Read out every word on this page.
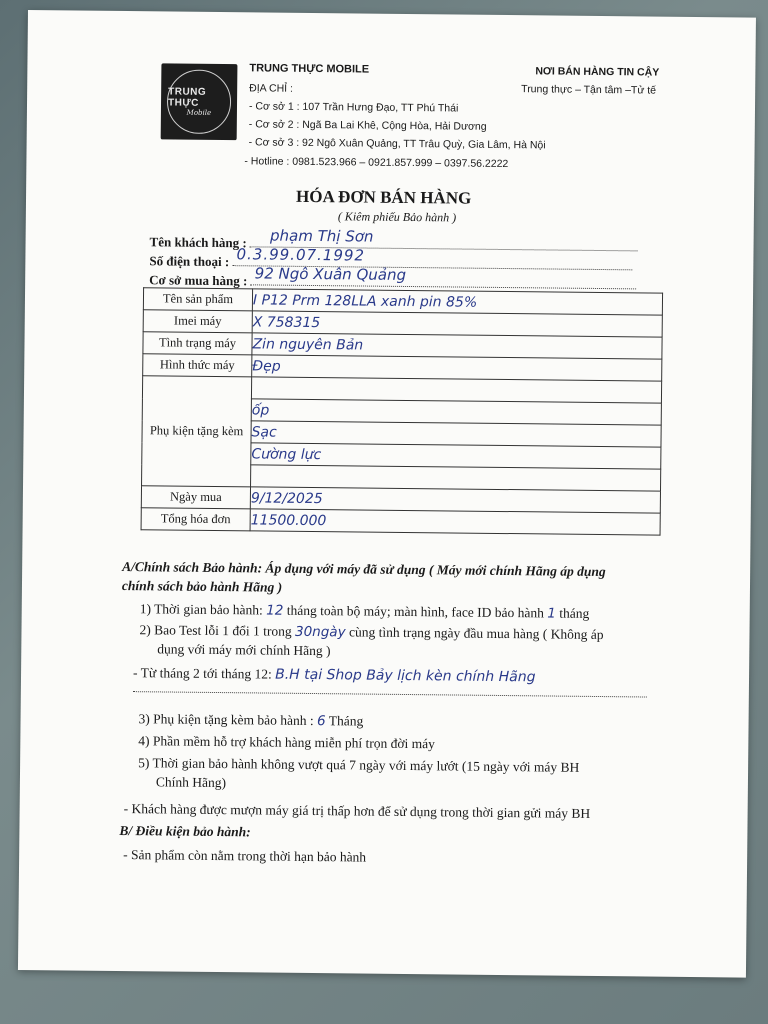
TRUNG THỰC
Mobile
TRUNG THỰC MOBILE
ĐỊA CHỈ :
- Cơ sở 1 : 107 Trần Hưng Đạo, TT Phú Thái
- Cơ sở 2 : Ngã Ba Lai Khê, Cộng Hòa, Hải Dương
- Cơ sở 3 : 92 Ngô Xuân Quảng, TT Trâu Quỳ, Gia Lâm, Hà Nội
- Hotline : 0981.523.966 – 0921.857.999 – 0397.56.2222
NƠI BÁN HÀNG TIN CẬY
Trung thực – Tận tâm –Tử tế
HÓA ĐƠN BÁN HÀNG
( Kiêm phiếu Bảo hành )
Tên khách hàng : phạm Thị Sơn
Số điện thoại : 0.3.99.07.1992
Cơ sở mua hàng : 92 Ngô Xuân Quảng
Tên sản phẩm	I P12 Prm 128LLA xanh pin 85%
Imei máy	X 758315
Tình trạng máy	Zin nguyên Bản
Hình thức máy	Đẹp
Phụ kiện tặng kèm	
	ốp
	Sạc
	Cường lực

Ngày mua	9/12/2025
Tổng hóa đơn	11500.000
A/Chính sách Bảo hành: Áp dụng với máy đã sử dụng ( Máy mới chính Hãng áp dụng
chính sách bảo hành Hãng )
1) Thời gian bảo hành: 12 tháng toàn bộ máy; màn hình, face ID bảo hành 1 tháng
2) Bao Test lỗi 1 đổi 1 trong 30ngày cùng tình trạng ngày đầu mua hàng ( Không áp
dụng với máy mới chính Hãng )
- Từ tháng 2 tới tháng 12: B.H tại Shop Bảy lịch kèn chính Hãng
3) Phụ kiện tặng kèm bảo hành : 6 Tháng
4) Phần mềm hỗ trợ khách hàng miễn phí trọn đời máy
5) Thời gian bảo hành không vượt quá 7 ngày với máy lướt (15 ngày với máy BH
Chính Hãng)
- Khách hàng được mượn máy giá trị thấp hơn để sử dụng trong thời gian gửi máy BH
B/ Điều kiện bảo hành:
- Sản phẩm còn nằm trong thời hạn bảo hành
